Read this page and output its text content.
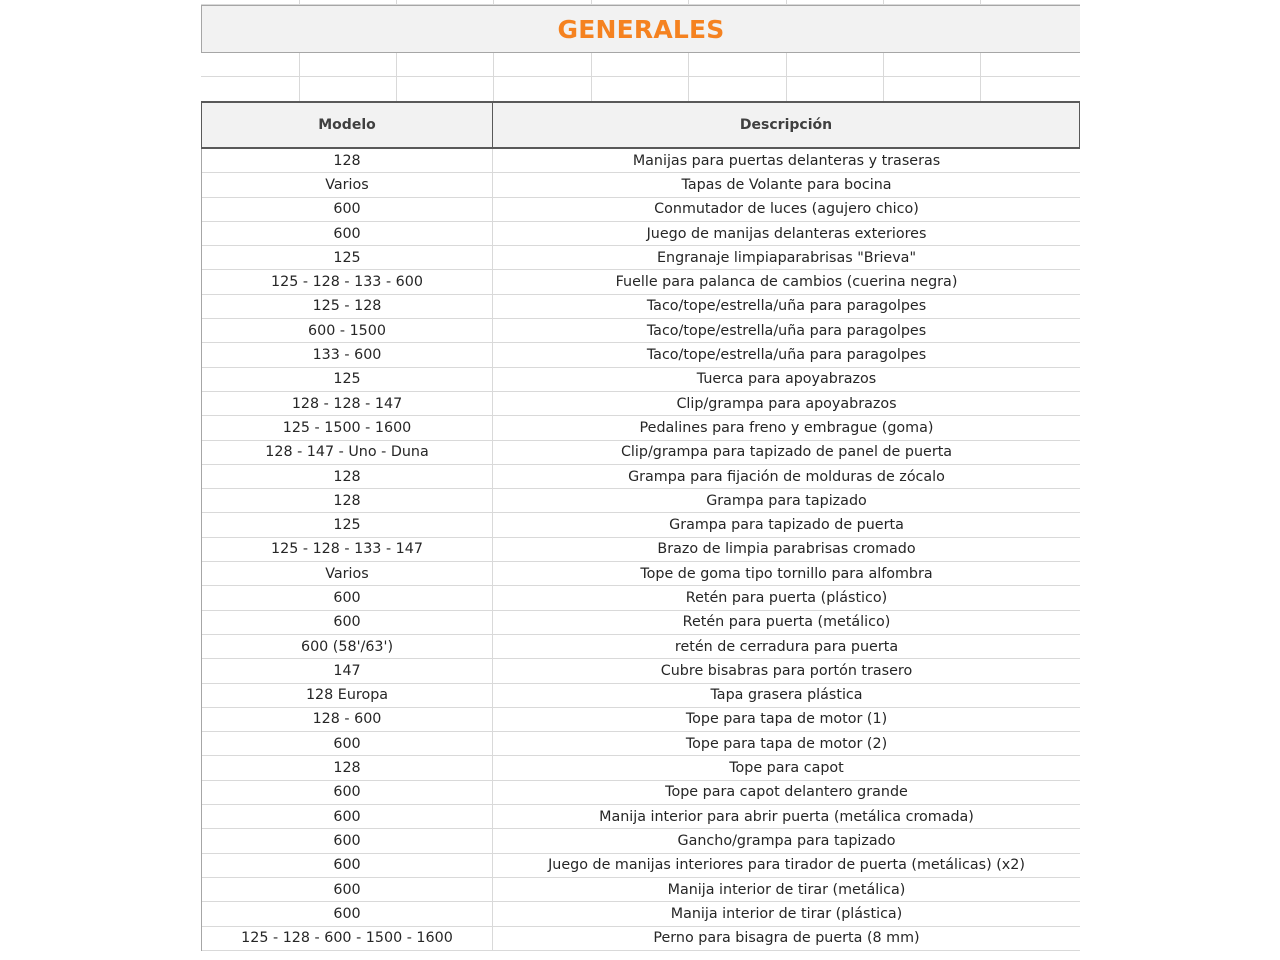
GENERALES
Modelo	Descripción
128	Manijas para puertas delanteras y traseras
Varios	Tapas de Volante para bocina
600	Conmutador de luces (agujero chico)
600	Juego de manijas delanteras exteriores
125	Engranaje limpiaparabrisas "Brieva"
125 - 128 - 133 - 600	Fuelle para palanca de cambios (cuerina negra)
125 - 128	Taco/tope/estrella/uña para paragolpes
600 - 1500	Taco/tope/estrella/uña para paragolpes
133 - 600	Taco/tope/estrella/uña para paragolpes
125	Tuerca para apoyabrazos
128 - 128 - 147	Clip/grampa para apoyabrazos
125 - 1500 - 1600	Pedalines para freno y embrague (goma)
128 - 147 - Uno - Duna	Clip/grampa para tapizado de panel de puerta
128	Grampa para fijación de molduras de zócalo
128	Grampa para tapizado
125	Grampa para tapizado de puerta
125 - 128 - 133 - 147	Brazo de limpia parabrisas cromado
Varios	Tope de goma tipo tornillo para alfombra
600	Retén para puerta (plástico)
600	Retén para puerta (metálico)
600 (58'/63')	retén de cerradura para puerta
147	Cubre bisabras para portón trasero
128 Europa	Tapa grasera plástica
128 - 600	Tope para tapa de motor (1)
600	Tope para tapa de motor (2)
128	Tope para capot
600	Tope para capot delantero grande
600	Manija interior para abrir puerta (metálica cromada)
600	Gancho/grampa para tapizado
600	Juego de manijas interiores para tirador de puerta (metálicas) (x2)
600	Manija interior de tirar (metálica)
600	Manija interior de tirar (plástica)
125 - 128 - 600 - 1500 - 1600	Perno para bisagra de puerta (8 mm)
